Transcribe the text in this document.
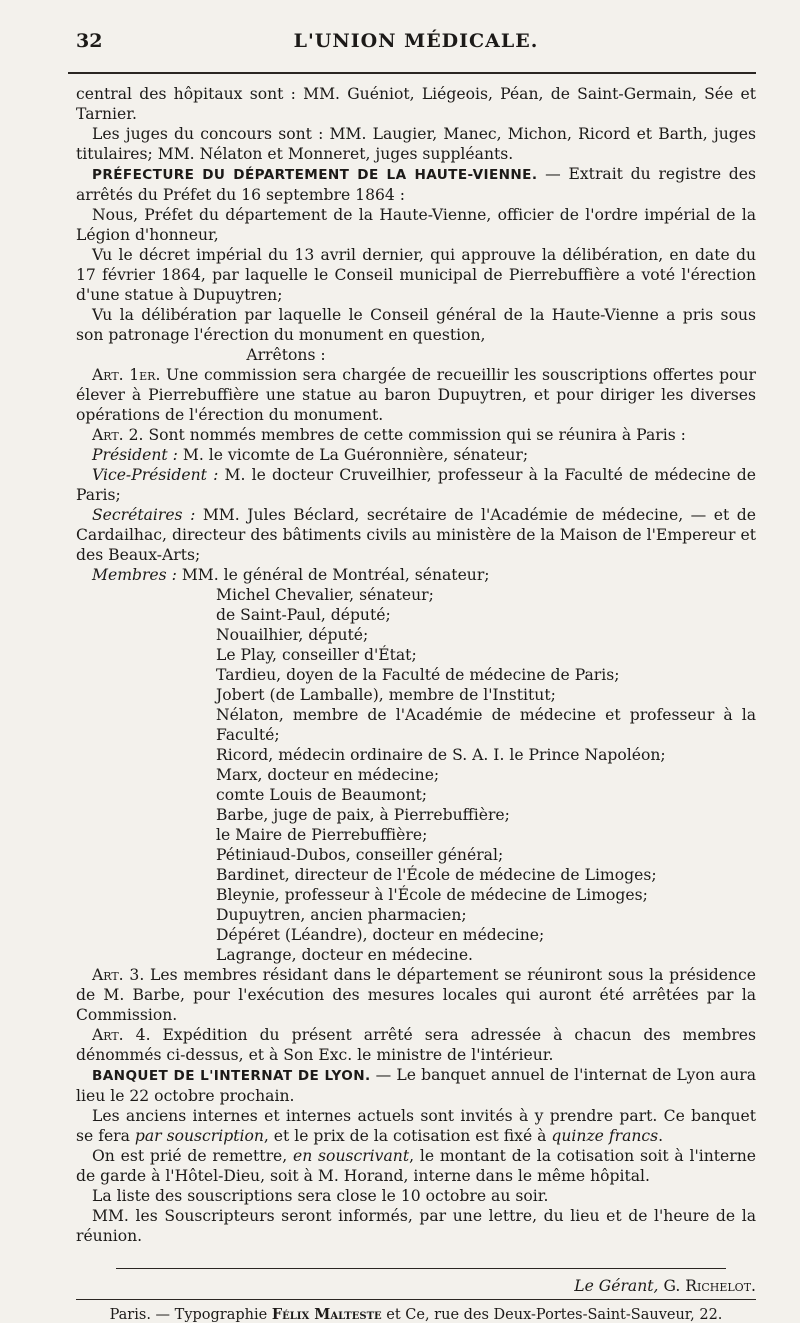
32	L'UNION MÉDICALE.

central des hôpitaux sont : MM. Guéniot, Liégeois, Péan, de Saint-Germain, Sée et Tarnier.

Les juges du concours sont : MM. Laugier, Manec, Michon, Ricord et Barth, juges titulaires; MM. Nélaton et Monneret, juges suppléants.

PRÉFECTURE DU DÉPARTEMENT DE LA HAUTE-VIENNE. — Extrait du registre des arrêtés du Préfet du 16 septembre 1864 :

Nous, Préfet du département de la Haute-Vienne, officier de l'ordre impérial de la Légion d'honneur,

Vu le décret impérial du 13 avril dernier, qui approuve la délibération, en date du 17 février 1864, par laquelle le Conseil municipal de Pierrebuffière a voté l'érection d'une statue à Dupuytren;

Vu la délibération par laquelle le Conseil général de la Haute-Vienne a pris sous son patronage l'érection du monument en question,

Arrêtons :

Art. 1er. Une commission sera chargée de recueillir les souscriptions offertes pour élever à Pierrebuffière une statue au baron Dupuytren, et pour diriger les diverses opérations de l'érection du monument.

Art. 2. Sont nommés membres de cette commission qui se réunira à Paris :

Président : M. le vicomte de La Guéronnière, sénateur;

Vice-Président : M. le docteur Cruveilhier, professeur à la Faculté de médecine de Paris;

Secrétaires : MM. Jules Béclard, secrétaire de l'Académie de médecine, — et de Cardailhac, directeur des bâtiments civils au ministère de la Maison de l'Empereur et des Beaux-Arts;

Membres : MM. le général de Montréal, sénateur;

Michel Chevalier, sénateur;

de Saint-Paul, député;

Nouailhier, député;

Le Play, conseiller d'État;

Tardieu, doyen de la Faculté de médecine de Paris;

Jobert (de Lamballe), membre de l'Institut;

Nélaton, membre de l'Académie de médecine et professeur à la Faculté;

Ricord, médecin ordinaire de S. A. I. le Prince Napoléon;

Marx, docteur en médecine;

comte Louis de Beaumont;

Barbe, juge de paix, à Pierrebuffière;

le Maire de Pierrebuffière;

Pétiniaud-Dubos, conseiller général;

Bardinet, directeur de l'École de médecine de Limoges;

Bleynie, professeur à l'École de médecine de Limoges;

Dupuytren, ancien pharmacien;

Dépéret (Léandre), docteur en médecine;

Lagrange, docteur en médecine.

Art. 3. Les membres résidant dans le département se réuniront sous la présidence de M. Barbe, pour l'exécution des mesures locales qui auront été arrêtées par la Commission.

Art. 4. Expédition du présent arrêté sera adressée à chacun des membres dénommés ci-dessus, et à Son Exc. le ministre de l'intérieur.

BANQUET DE L'INTERNAT DE LYON. — Le banquet annuel de l'internat de Lyon aura lieu le 22 octobre prochain.

Les anciens internes et internes actuels sont invités à y prendre part. Ce banquet se fera par souscription, et le prix de la cotisation est fixé à quinze francs.

On est prié de remettre, en souscrivant, le montant de la cotisation soit à l'interne de garde à l'Hôtel-Dieu, soit à M. Horand, interne dans le même hôpital.

La liste des souscriptions sera close le 10 octobre au soir.

MM. les Souscripteurs seront informés, par une lettre, du lieu et de l'heure de la réunion.

Le Gérant, G. Richelot.
Paris. — Typographie Félix Malteste et Ce, rue des Deux-Portes-Saint-Sauveur, 22.
